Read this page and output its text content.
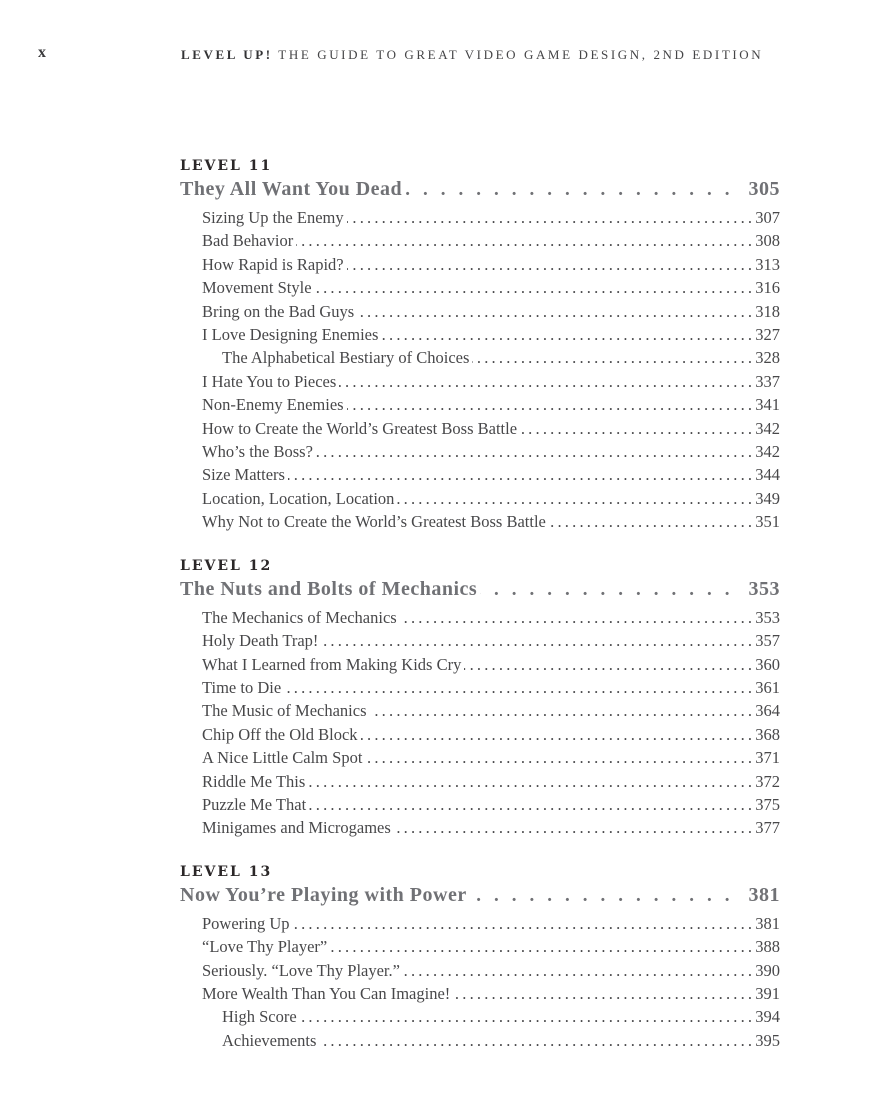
x	LEVEL UP! THE GUIDE TO GREAT VIDEO GAME DESIGN, 2ND EDITION
LEVEL 11
They All Want You Dead .....	305
Sizing Up the Enemy .....	307
Bad Behavior .....	308
How Rapid is Rapid? .....	313
Movement Style .....	316
Bring on the Bad Guys .....	318
I Love Designing Enemies .....	327
The Alphabetical Bestiary of Choices .....	328
I Hate You to Pieces .....	337
Non-Enemy Enemies .....	341
How to Create the World’s Greatest Boss Battle .....	342
Who’s the Boss? .....	342
Size Matters .....	344
Location, Location, Location .....	349
Why Not to Create the World’s Greatest Boss Battle .....	351
LEVEL 12
The Nuts and Bolts of Mechanics .....	353
The Mechanics of Mechanics .....	353
Holy Death Trap! .....	357
What I Learned from Making Kids Cry .....	360
Time to Die .....	361
The Music of Mechanics .....	364
Chip Off the Old Block .....	368
A Nice Little Calm Spot .....	371
Riddle Me This .....	372
Puzzle Me That .....	375
Minigames and Microgames .....	377
LEVEL 13
Now You’re Playing with Power .....	381
Powering Up .....	381
“Love Thy Player” .....	388
Seriously. “Love Thy Player.” .....	390
More Wealth Than You Can Imagine! .....	391
High Score .....	394
Achievements .....	395
